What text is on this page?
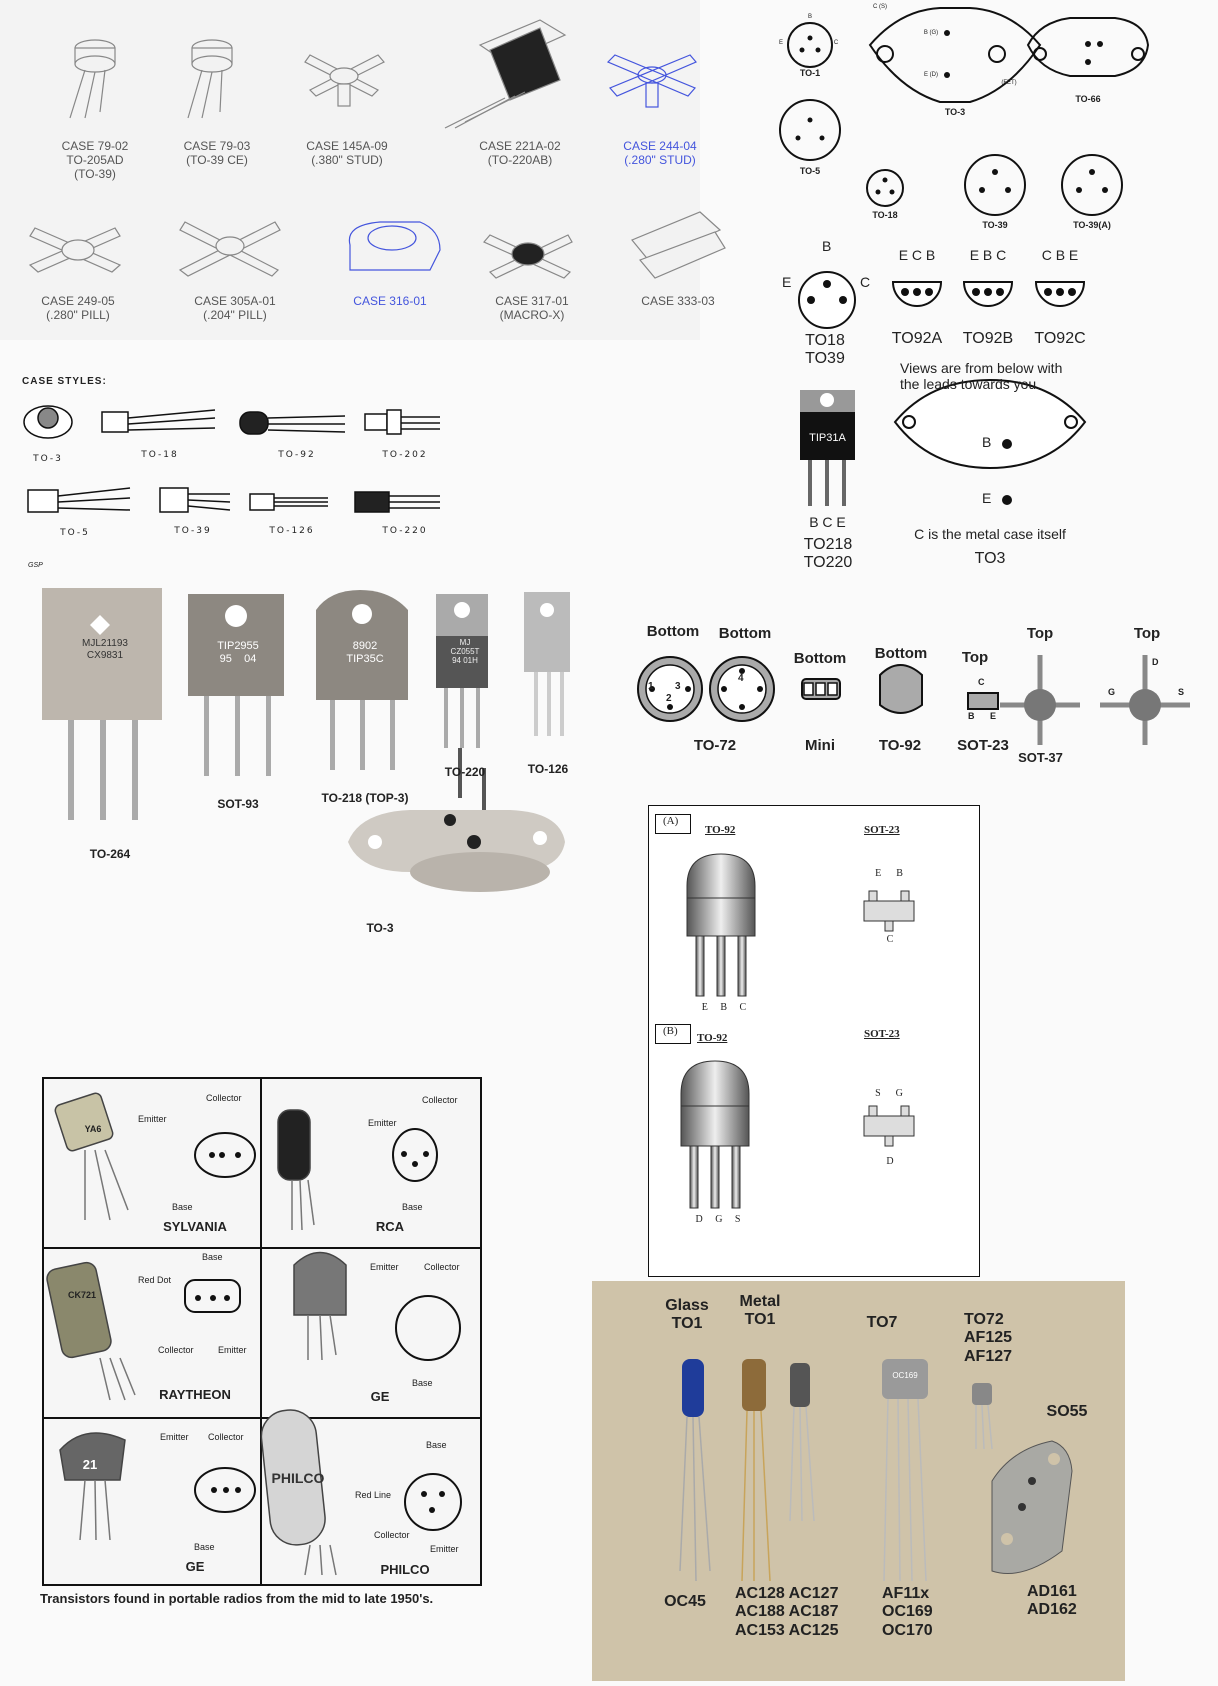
CASE 79-02
TO-205AD
(TO-39)
CASE 79-03
(TO-39 CE)
CASE 145A-09
(.380" STUD)
CASE 221A-02
(TO-220AB)
CASE 244-04
(.280" STUD)
CASE 249-05
(.280" PILL)
CASE 305A-01
(.204" PILL)
CASE 316-01	CASE 317-01
(MACRO-X)
CASE 333-03
TO-1
TO-3
TO-66
TO-5
TO-18
TO-39	TO-39(A)
B
E	C
C (S)
B (G)
E (D)
(FET)
CASE STYLES:
TO-3	TO-18	TO-92	TO-202
TO-5	TO-39	TO-126	TO-220
GSP
B
E	C
TO18
TO39
E C B	E B C	C B E
TO92A	TO92B	TO92C
Views are from below with
the leads towards you.
TIP31A
B C E
TO218
TO220
B
E
C is the metal case itself
TO3
MJL21193
CX9831
TIP2955
95    04
8902
TIP35C
MJ
CZ055T
94 01H
TO-264
SOT-93	TO-218 (TOP-3)
TO-220	TO-126
TO-3
Bottom	Bottom
Bottom	Bottom	Top
Top	Top
TO-72	Mini	TO-92	SOT-23
SOT-37
1 3
2
4	C
B E
G	S
D
(A)
TO-92	SOT-23
(B)
TO-92	SOT-23
E     B     C
E      B
C
D     G     S
S      G
D
SYLVANIA	RCA
RAYTHEON	GE
GE	PHILCO
YA6
CK721
21
PHILCO
Emitter
Collector
Base
Emitter
Collector
Base
Base
Red Dot
Collector	Emitter
Emitter	Collector
Base
Emitter Collector
Base
Base
Red Line
Collector
Emitter
Transistors found in portable radios from the mid to late 1950's.
Glass
TO1
Metal
TO1	TO7	TO72
AF125
AF127
SO55
OC45 AC128 AC127
AC188 AC187
AC153 AC125
AF11x
OC169
OC170
AD161
AD162
OC169
